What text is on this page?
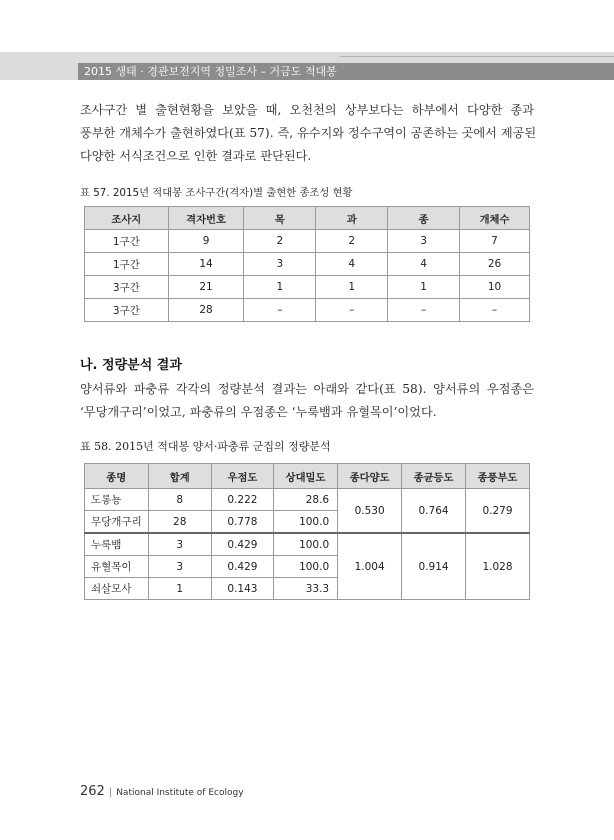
2015 생태 · 경관보전지역 정밀조사 – 거금도 적대봉

조사구간 별 출현현황을 보았을 때, 오천천의 상부보다는 하부에서 다양한 종과
풍부한 개체수가 출현하였다(표 57). 즉, 유수지와 정수구역이 공존하는 곳에서 제공된
다양한 서식조건으로 인한 결과로 판단된다.

표 57. 2015년 적대봉 조사구간(격자)별 출현한 종조성 현황
조사지	격자번호	목	과	종	개체수
1구간	9	2	2	3	7
1구간	14	3	4	4	26
3구간	21	1	1	1	10
3구간	28	–	–	–	–
나. 정량분석 결과

양서류와 파충류 각각의 정량분석 결과는 아래와 같다(표 58). 양서류의 우점종은
‘무당개구리’이었고, 파충류의 우점종은 ‘누룩뱀과 유혈목이’이었다.

표 58. 2015년 적대봉 양서·파충류 군집의 정량분석
종명	합계	우점도	상대밀도	종다양도	종균등도	종풍부도
도롱뇽	8	0.222	28.6	0.530	0.764	0.279
무당개구리	28	0.778	100.0			
누룩뱀	3	0.429	100.0	1.004	0.914	1.028
유혈목이	3	0.429	100.0			
쇠살모사	1	0.143	33.3			
262 | National Institute of Ecology
